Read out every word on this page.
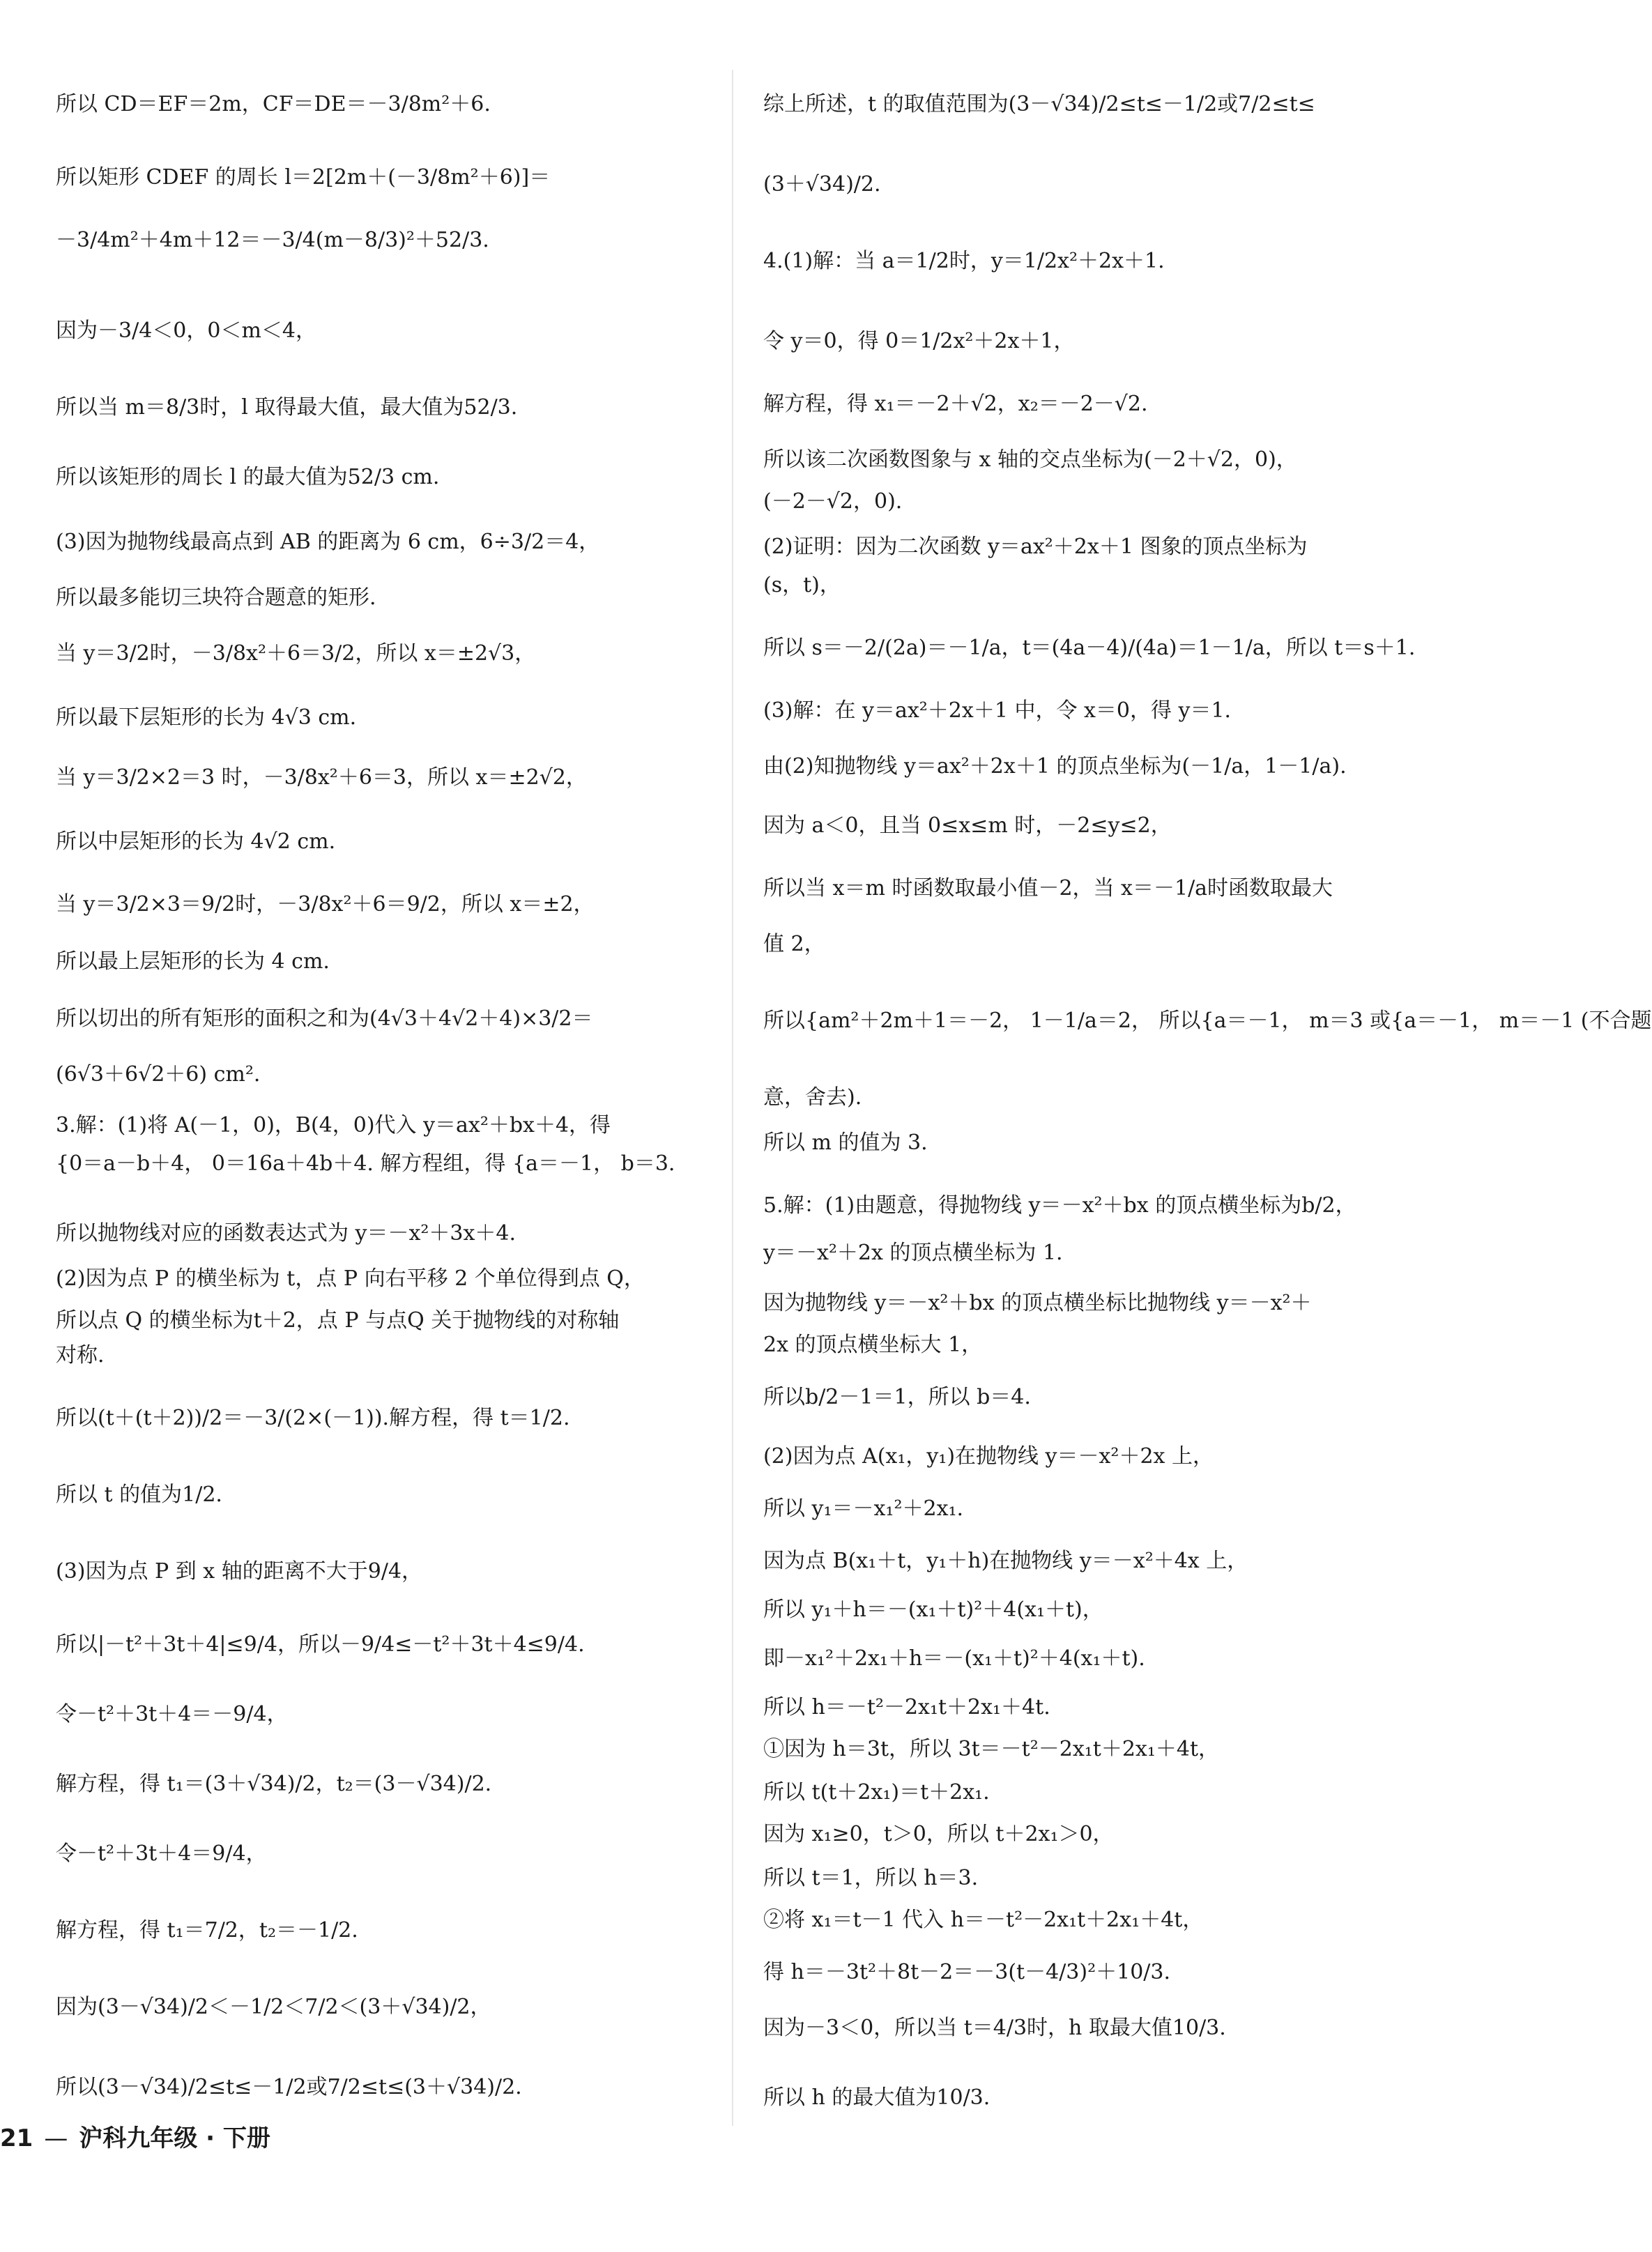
所以 CD＝EF＝2m，CF＝DE＝－3/8m²＋6.
所以矩形 CDEF 的周长 l＝2[2m＋(－3/8m²＋6)]＝
－3/4m²＋4m＋12＝－3/4(m－8/3)²＋52/3.
因为－3/4＜0，0＜m＜4，
所以当 m＝8/3时，l 取得最大值，最大值为52/3.
所以该矩形的周长 l 的最大值为52/3 cm.
(3)因为抛物线最高点到 AB 的距离为 6 cm，6÷3/2＝4，
所以最多能切三块符合题意的矩形.
当 y＝3/2时，－3/8x²＋6＝3/2，所以 x＝±2√3，
所以最下层矩形的长为 4√3 cm.
当 y＝3/2×2＝3 时，－3/8x²＋6＝3，所以 x＝±2√2，
所以中层矩形的长为 4√2 cm.
当 y＝3/2×3＝9/2时，－3/8x²＋6＝9/2，所以 x＝±2，
所以最上层矩形的长为 4 cm.
所以切出的所有矩形的面积之和为(4√3＋4√2＋4)×3/2＝
(6√3＋6√2＋6) cm².
3.解：(1)将 A(－1，0)，B(4，0)代入 y＝ax²＋bx＋4，得
{0＝a－b＋4， 0＝16a＋4b＋4. 解方程组，得 {a＝－1， b＝3.
所以抛物线对应的函数表达式为 y＝－x²＋3x＋4.
(2)因为点 P 的横坐标为 t，点 P 向右平移 2 个单位得到点 Q，
所以点 Q 的横坐标为t＋2，点 P 与点Q 关于抛物线的对称轴
对称.
所以(t＋(t＋2))/2＝－3/(2×(－1)).解方程，得 t＝1/2.
所以 t 的值为1/2.
(3)因为点 P 到 x 轴的距离不大于9/4，
所以|－t²＋3t＋4|≤9/4，所以－9/4≤－t²＋3t＋4≤9/4.
令－t²＋3t＋4＝－9/4，
解方程，得 t₁＝(3＋√34)/2，t₂＝(3－√34)/2.
令－t²＋3t＋4＝9/4，
解方程，得 t₁＝7/2，t₂＝－1/2.
因为(3－√34)/2＜－1/2＜7/2＜(3＋√34)/2，
所以(3－√34)/2≤t≤－1/2或7/2≤t≤(3＋√34)/2.
综上所述，t 的取值范围为(3－√34)/2≤t≤－1/2或7/2≤t≤
(3＋√34)/2.
4.(1)解：当 a＝1/2时，y＝1/2x²＋2x＋1.
令 y＝0，得 0＝1/2x²＋2x＋1，
解方程，得 x₁＝－2＋√2，x₂＝－2－√2.
所以该二次函数图象与 x 轴的交点坐标为(－2＋√2，0)，
(－2－√2，0).
(2)证明：因为二次函数 y＝ax²＋2x＋1 图象的顶点坐标为
(s，t)，
所以 s＝－2/(2a)＝－1/a，t＝(4a－4)/(4a)＝1－1/a，所以 t＝s＋1.
(3)解：在 y＝ax²＋2x＋1 中，令 x＝0，得 y＝1.
由(2)知抛物线 y＝ax²＋2x＋1 的顶点坐标为(－1/a，1－1/a).
因为 a＜0，且当 0≤x≤m 时，－2≤y≤2，
所以当 x＝m 时函数取最小值－2，当 x＝－1/a时函数取最大
值 2，
所以{am²＋2m＋1＝－2， 1－1/a＝2， 所以{a＝－1， m＝3 或{a＝－1， m＝－1 (不合题
意，舍去).
所以 m 的值为 3.
5.解：(1)由题意，得抛物线 y＝－x²＋bx 的顶点横坐标为b/2，
y＝－x²＋2x 的顶点横坐标为 1.
因为抛物线 y＝－x²＋bx 的顶点横坐标比抛物线 y＝－x²＋
2x 的顶点横坐标大 1，
所以b/2－1＝1，所以 b＝4.
(2)因为点 A(x₁，y₁)在抛物线 y＝－x²＋2x 上，
所以 y₁＝－x₁²＋2x₁.
因为点 B(x₁＋t，y₁＋h)在抛物线 y＝－x²＋4x 上，
所以 y₁＋h＝－(x₁＋t)²＋4(x₁＋t)，
即－x₁²＋2x₁＋h＝－(x₁＋t)²＋4(x₁＋t).
所以 h＝－t²－2x₁t＋2x₁＋4t.
①因为 h＝3t，所以 3t＝－t²－2x₁t＋2x₁＋4t，
所以 t(t＋2x₁)＝t＋2x₁.
因为 x₁≥0，t＞0，所以 t＋2x₁＞0，
所以 t＝1，所以 h＝3.
②将 x₁＝t－1 代入 h＝－t²－2x₁t＋2x₁＋4t，
得 h＝－3t²＋8t－2＝－3(t－4/3)²＋10/3.
因为－3＜0，所以当 t＝4/3时，h 取最大值10/3.
所以 h 的最大值为10/3.
21 — 沪科九年级 · 下册
